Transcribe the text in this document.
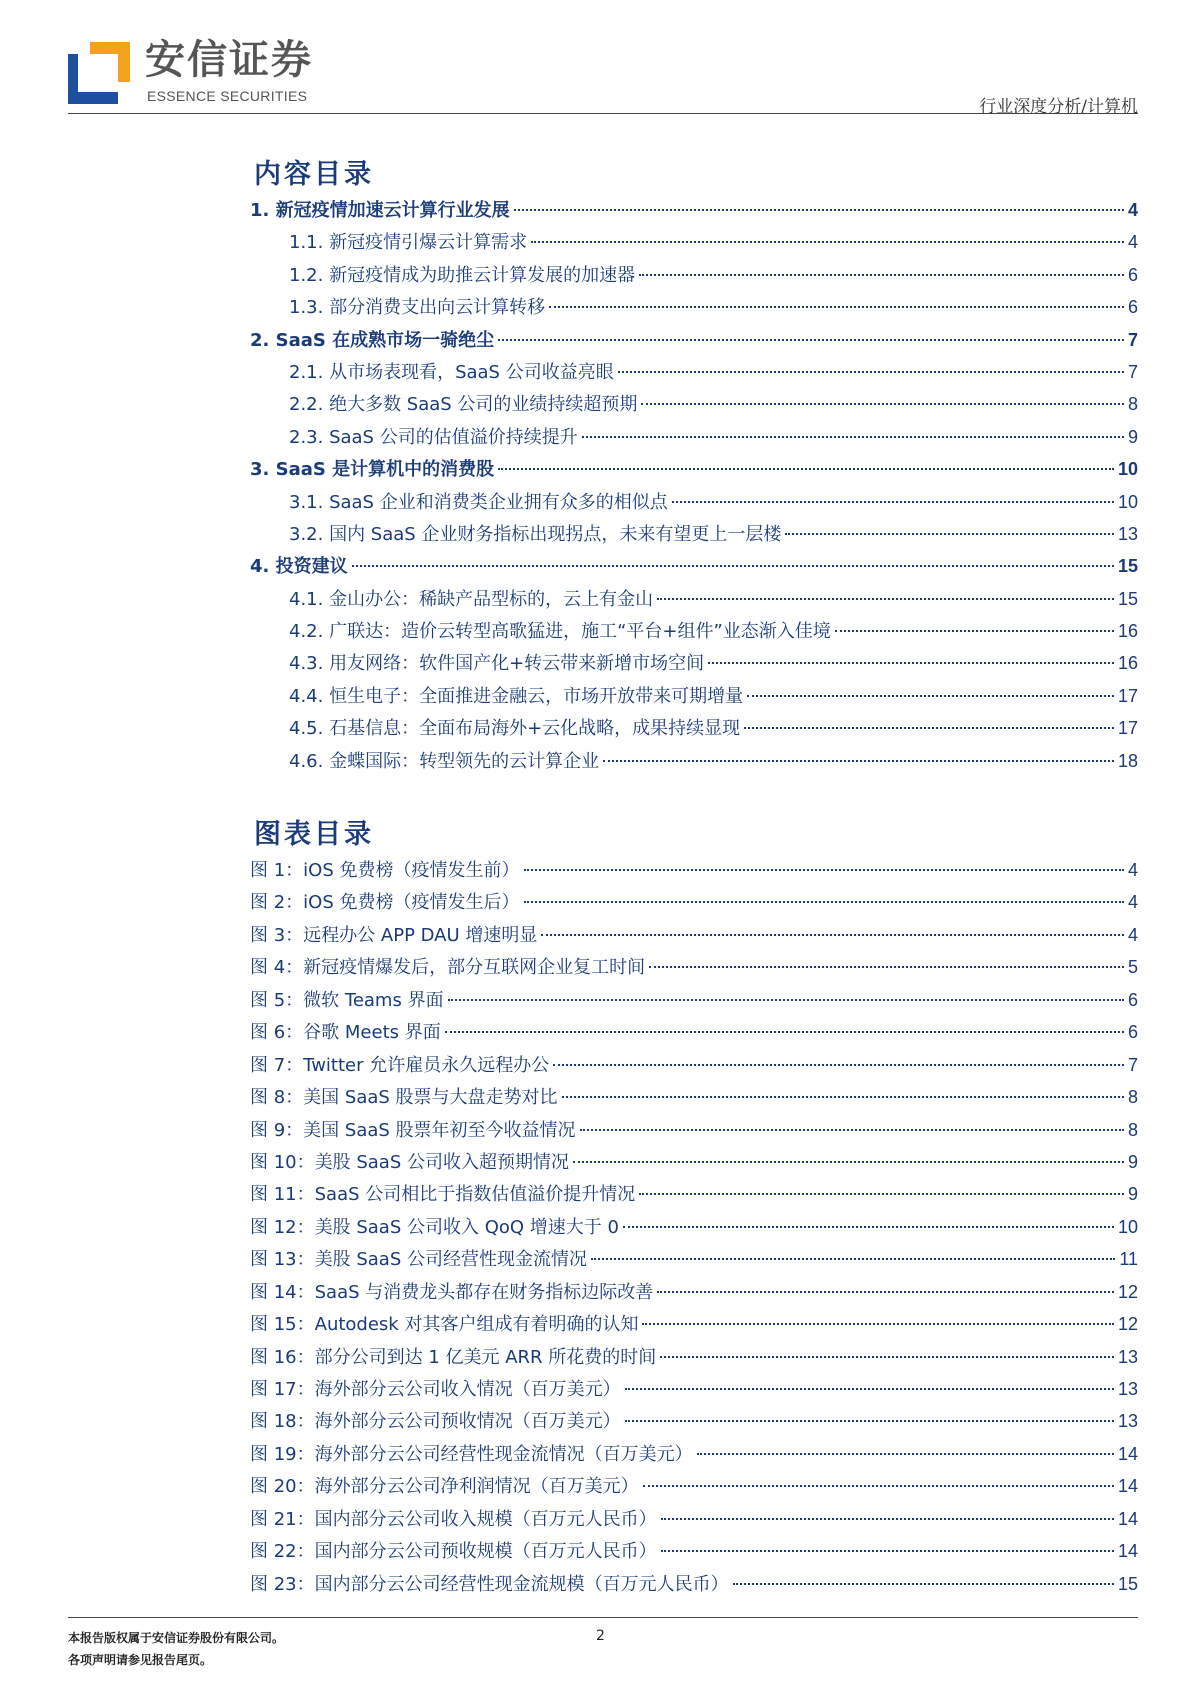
安信证券
ESSENCE SECURITIES
行业深度分析/计算机
内容目录
1. 新冠疫情加速云计算行业发展	4
1.1. 新冠疫情引爆云计算需求	4
1.2. 新冠疫情成为助推云计算发展的加速器	6
1.3. 部分消费支出向云计算转移	6
2. SaaS 在成熟市场一骑绝尘	7
2.1. 从市场表现看，SaaS 公司收益亮眼	7
2.2. 绝大多数 SaaS 公司的业绩持续超预期	8
2.3. SaaS 公司的估值溢价持续提升	9
3. SaaS 是计算机中的消费股	10
3.1. SaaS 企业和消费类企业拥有众多的相似点	10
3.2. 国内 SaaS 企业财务指标出现拐点，未来有望更上一层楼	13
4. 投资建议	15
4.1. 金山办公：稀缺产品型标的，云上有金山	15
4.2. 广联达：造价云转型高歌猛进，施工“平台+组件”业态渐入佳境	16
4.3. 用友网络：软件国产化+转云带来新增市场空间	16
4.4. 恒生电子：全面推进金融云，市场开放带来可期增量	17
4.5. 石基信息：全面布局海外+云化战略，成果持续显现	17
4.6. 金蝶国际：转型领先的云计算企业	18
图表目录
图 1：iOS 免费榜（疫情发生前）	4
图 2：iOS 免费榜（疫情发生后）	4
图 3：远程办公 APP DAU 增速明显	4
图 4：新冠疫情爆发后，部分互联网企业复工时间	5
图 5：微软 Teams 界面	6
图 6：谷歌 Meets 界面	6
图 7：Twitter 允许雇员永久远程办公	7
图 8：美国 SaaS 股票与大盘走势对比	8
图 9：美国 SaaS 股票年初至今收益情况	8
图 10：美股 SaaS 公司收入超预期情况	9
图 11：SaaS 公司相比于指数估值溢价提升情况	9
图 12：美股 SaaS 公司收入 QoQ 增速大于 0	10
图 13：美股 SaaS 公司经营性现金流情况	11
图 14：SaaS 与消费龙头都存在财务指标边际改善	12
图 15：Autodesk 对其客户组成有着明确的认知	12
图 16：部分公司到达 1 亿美元 ARR 所花费的时间	13
图 17：海外部分云公司收入情况（百万美元）	13
图 18：海外部分云公司预收情况（百万美元）	13
图 19：海外部分云公司经营性现金流情况（百万美元）	14
图 20：海外部分云公司净利润情况（百万美元）	14
图 21：国内部分云公司收入规模（百万元人民币）	14
图 22：国内部分云公司预收规模（百万元人民币）	14
图 23：国内部分云公司经营性现金流规模（百万元人民币）	15
本报告版权属于安信证券股份有限公司。
各项声明请参见报告尾页。
2
